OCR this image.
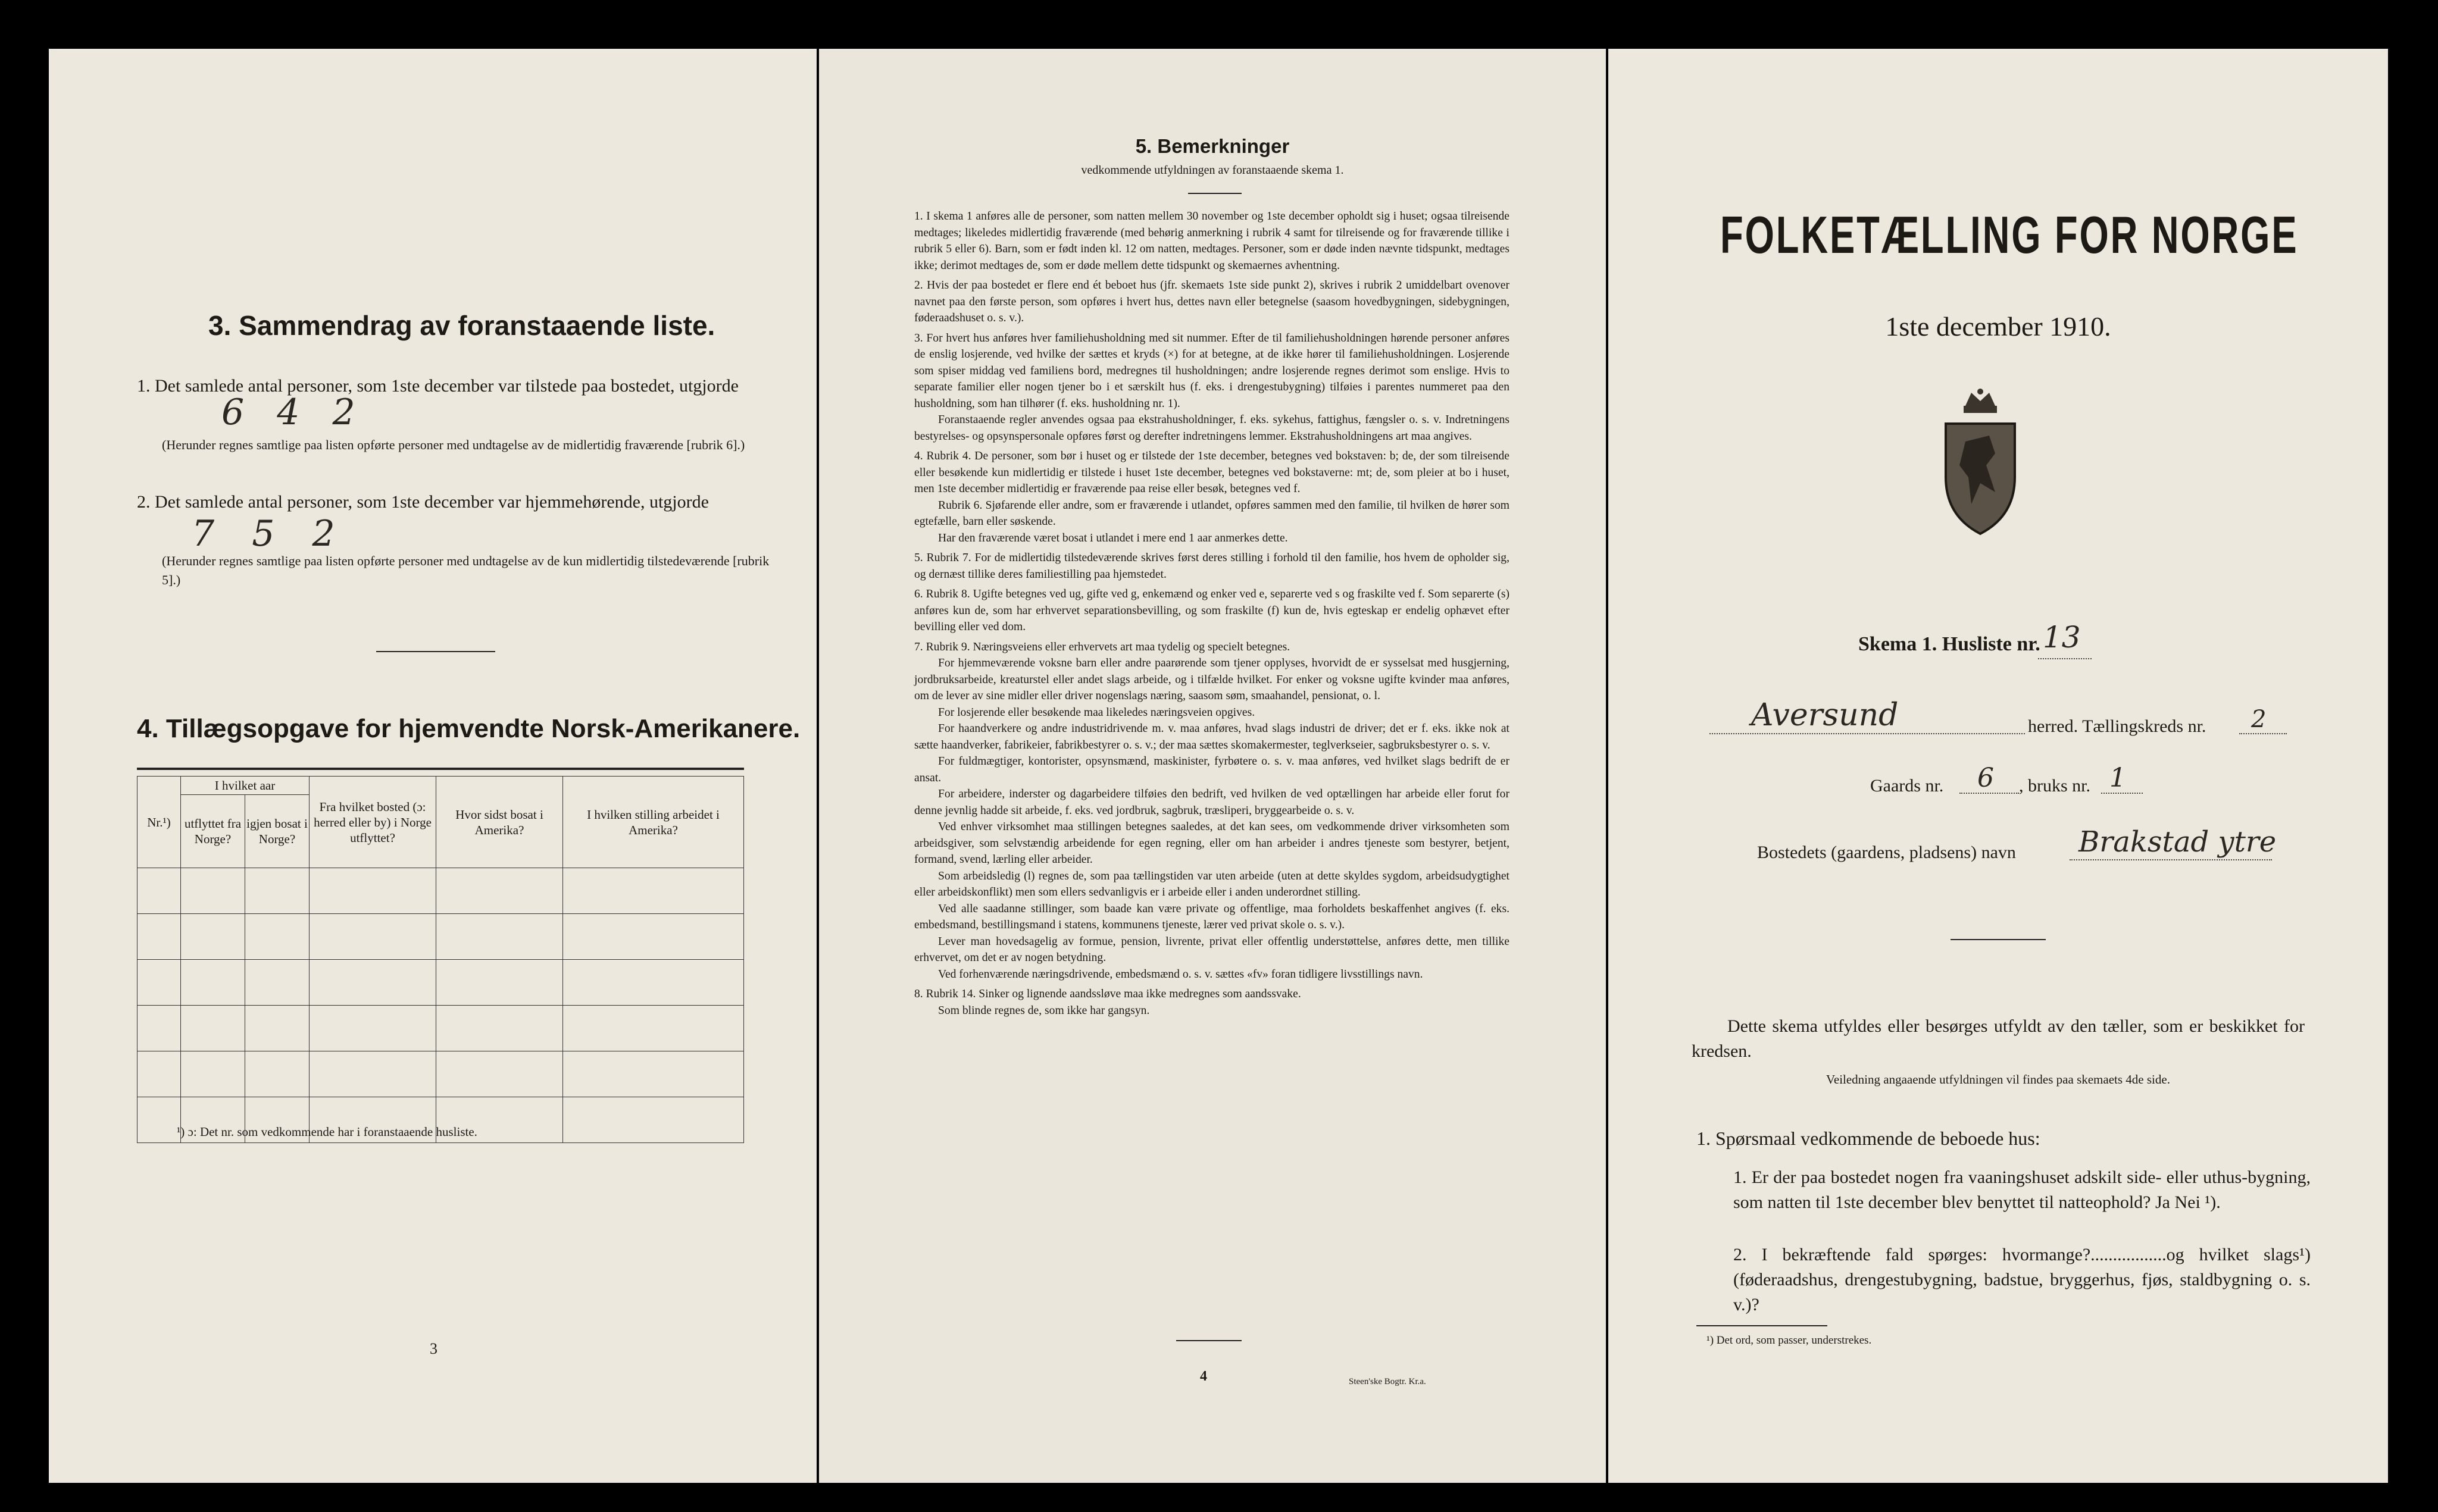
3. Sammendrag av foranstaaende liste.

1. Det samlede antal personer, som 1ste december var tilstede paa bostedet, utgjorde

6 4 2
(Herunder regnes samtlige paa listen opførte personer med undtagelse av de midlertidig fraværende [rubrik 6].)

2. Det samlede antal personer, som 1ste december var hjemmehørende, utgjorde

7 5 2
(Herunder regnes samtlige paa listen opførte personer med undtagelse av de kun midlertidig tilstedeværende [rubrik 5].)
4. Tillægsopgave for hjemvendte Norsk-Amerikanere.
Nr.¹)	I hvilket aar		Fra hvilket bosted (ɔ: herred eller by) i Norge utflyttet?	Hvor sidst bosat i Amerika?	I hvilken stilling arbeidet i Amerika?
	utflyttet fra Norge?	igjen bosat i Norge?			

¹) ɔ: Det nr. som vedkommende har i foranstaaende husliste.
3
5. Bemerkninger
vedkommende utfyldningen av foranstaaende skema 1.

1. I skema 1 anføres alle de personer, som natten mellem 30 november og 1ste december opholdt sig i huset; ogsaa tilreisende medtages; likeledes midlertidig fraværende (med behørig anmerkning i rubrik 4 samt for tilreisende og for fraværende tillike i rubrik 5 eller 6). Barn, som er født inden kl. 12 om natten, medtages. Personer, som er døde inden nævnte tidspunkt, medtages ikke; derimot medtages de, som er døde mellem dette tidspunkt og skemaernes avhentning.

2. Hvis der paa bostedet er flere end ét beboet hus (jfr. skemaets 1ste side punkt 2), skrives i rubrik 2 umiddelbart ovenover navnet paa den første person, som opføres i hvert hus, dettes navn eller betegnelse (saasom hovedbygningen, sidebygningen, føderaadshuset o. s. v.).

3. For hvert hus anføres hver familiehusholdning med sit nummer. Efter de til familiehusholdningen hørende personer anføres de enslig losjerende, ved hvilke der sættes et kryds (×) for at betegne, at de ikke hører til familiehusholdningen. Losjerende som spiser middag ved familiens bord, medregnes til husholdningen; andre losjerende regnes derimot som enslige. Hvis to separate familier eller nogen tjener bo i et særskilt hus (f. eks. i drengestubygning) tilføies i parentes nummeret paa den husholdning, som han tilhører (f. eks. husholdning nr. 1).

Foranstaaende regler anvendes ogsaa paa ekstrahusholdninger, f. eks. sykehus, fattighus, fængsler o. s. v. Indretningens bestyrelses- og opsynspersonale opføres først og derefter indretningens lemmer. Ekstrahusholdningens art maa angives.

4. Rubrik 4. De personer, som bør i huset og er tilstede der 1ste december, betegnes ved bokstaven: b; de, der som tilreisende eller besøkende kun midlertidig er tilstede i huset 1ste december, betegnes ved bokstaverne: mt; de, som pleier at bo i huset, men 1ste december midlertidig er fraværende paa reise eller besøk, betegnes ved f.

Rubrik 6. Sjøfarende eller andre, som er fraværende i utlandet, opføres sammen med den familie, til hvilken de hører som egtefælle, barn eller søskende.

Har den fraværende været bosat i utlandet i mere end 1 aar anmerkes dette.

5. Rubrik 7. For de midlertidig tilstedeværende skrives først deres stilling i forhold til den familie, hos hvem de opholder sig, og dernæst tillike deres familiestilling paa hjemstedet.

6. Rubrik 8. Ugifte betegnes ved ug, gifte ved g, enkemænd og enker ved e, separerte ved s og fraskilte ved f. Som separerte (s) anføres kun de, som har erhvervet separationsbevilling, og som fraskilte (f) kun de, hvis egteskap er endelig ophævet efter bevilling eller ved dom.

7. Rubrik 9. Næringsveiens eller erhvervets art maa tydelig og specielt betegnes.

For hjemmeværende voksne barn eller andre paarørende som tjener opplyses, hvorvidt de er sysselsat med husgjerning, jordbruksarbeide, kreaturstel eller andet slags arbeide, og i tilfælde hvilket. For enker og voksne ugifte kvinder maa anføres, om de lever av sine midler eller driver nogenslags næring, saasom søm, smaahandel, pensionat, o. l.

For losjerende eller besøkende maa likeledes næringsveien opgives.

For haandverkere og andre industridrivende m. v. maa anføres, hvad slags industri de driver; det er f. eks. ikke nok at sætte haandverker, fabrikeier, fabrikbestyrer o. s. v.; der maa sættes skomakermester, teglverkseier, sagbruksbestyrer o. s. v.

For fuldmægtiger, kontorister, opsynsmænd, maskinister, fyrbøtere o. s. v. maa anføres, ved hvilket slags bedrift de er ansat.

For arbeidere, inderster og dagarbeidere tilføies den bedrift, ved hvilken de ved optællingen har arbeide eller forut for denne jevnlig hadde sit arbeide, f. eks. ved jordbruk, sagbruk, træsliperi, bryggearbeide o. s. v.

Ved enhver virksomhet maa stillingen betegnes saaledes, at det kan sees, om vedkommende driver virksomheten som arbeidsgiver, som selvstændig arbeidende for egen regning, eller om han arbeider i andres tjeneste som bestyrer, betjent, formand, svend, lærling eller arbeider.

Som arbeidsledig (l) regnes de, som paa tællingstiden var uten arbeide (uten at dette skyldes sygdom, arbeidsudygtighet eller arbeidskonflikt) men som ellers sedvanligvis er i arbeide eller i anden underordnet stilling.

Ved alle saadanne stillinger, som baade kan være private og offentlige, maa forholdets beskaffenhet angives (f. eks. embedsmand, bestillingsmand i statens, kommunens tjeneste, lærer ved privat skole o. s. v.).

Lever man hovedsagelig av formue, pension, livrente, privat eller offentlig understøttelse, anføres dette, men tillike erhvervet, om det er av nogen betydning.

Ved forhenværende næringsdrivende, embedsmænd o. s. v. sættes «fv» foran tidligere livsstillings navn.

8. Rubrik 14. Sinker og lignende aandssløve maa ikke medregnes som aandssvake.

Som blinde regnes de, som ikke har gangsyn.

4	Steen'ske Bogtr. Kr.a.
FOLKETÆLLING FOR NORGE
1ste december 1910.
Skema 1. Husliste nr. 13
Aversund	herred. Tællingskreds nr. 2
Gaards nr. 6 , bruks nr. 1
Bostedets (gaardens, pladsens) navn Brakstad ytre
Dette skema utfyldes eller besørges utfyldt av den tæller, som er beskikket for kredsen.
Veiledning angaaende utfyldningen vil findes paa skemaets 4de side.
1. Spørsmaal vedkommende de beboede hus:
1. Er der paa bostedet nogen fra vaaningshuset adskilt side- eller uthus-bygning, som natten til 1ste december blev benyttet til natteophold? Ja Nei ¹).
2. I bekræftende fald spørges: hvormange?.................og hvilket slags¹) (føderaadshus, drengestubygning, badstue, bryggerhus, fjøs, staldbygning o. s. v.)?
¹) Det ord, som passer, understrekes.
